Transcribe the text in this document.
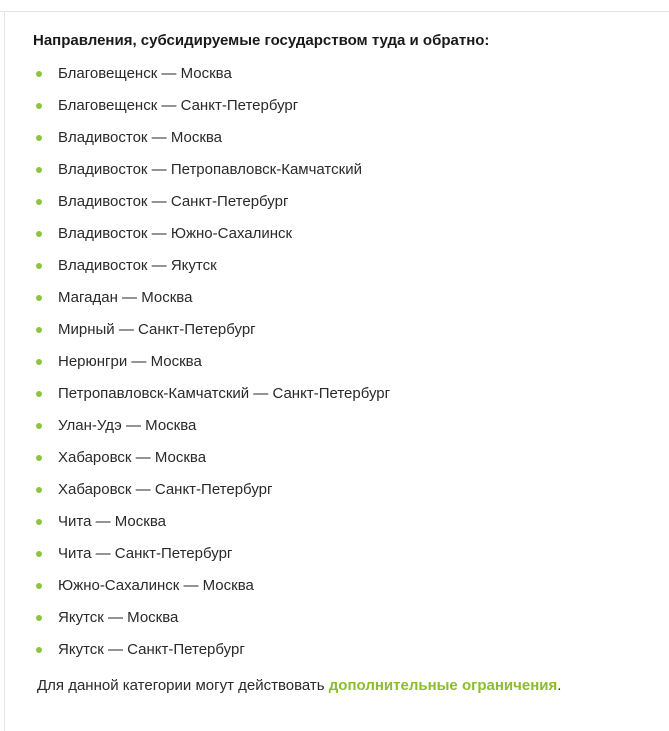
Направления, субсидируемые государством туда и обратно:

Благовещенск — Москва
Благовещенск — Санкт-Петербург
Владивосток — Москва
Владивосток — Петропавловск-Камчатский
Владивосток — Санкт-Петербург
Владивосток — Южно-Сахалинск
Владивосток — Якутск
Магадан — Москва
Мирный — Санкт-Петербург
Нерюнгри — Москва
Петропавловск-Камчатский — Санкт-Петербург
Улан-Удэ — Москва
Хабаровск — Москва
Хабаровск — Санкт-Петербург
Чита — Москва
Чита — Санкт-Петербург
Южно-Сахалинск — Москва
Якутск — Москва
Якутск — Санкт-Петербург
Для данной категории могут действовать дополнительные ограничения.
